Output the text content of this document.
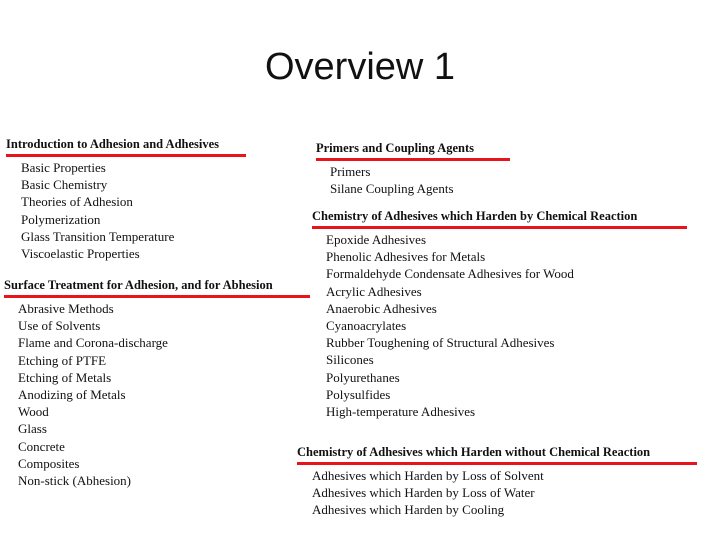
Overview 1
Introduction to Adhesion and Adhesives
Basic Properties
Basic Chemistry
Theories of Adhesion
Polymerization
Glass Transition Temperature
Viscoelastic Properties
Surface Treatment for Adhesion, and for Abhesion
Abrasive Methods
Use of Solvents
Flame and Corona-discharge
Etching of PTFE
Etching of Metals
Anodizing of Metals
Wood
Glass
Concrete
Composites
Non-stick (Abhesion)
Primers and Coupling Agents
Primers
Silane Coupling Agents
Chemistry of Adhesives which Harden by Chemical Reaction
Epoxide Adhesives
Phenolic Adhesives for Metals
Formaldehyde Condensate Adhesives for Wood
Acrylic Adhesives
Anaerobic Adhesives
Cyanoacrylates
Rubber Toughening of Structural Adhesives
Silicones
Polyurethanes
Polysulfides
High-temperature Adhesives
Chemistry of Adhesives which Harden without Chemical Reaction
Adhesives which Harden by Loss of Solvent
Adhesives which Harden by Loss of Water
Adhesives which Harden by Cooling
